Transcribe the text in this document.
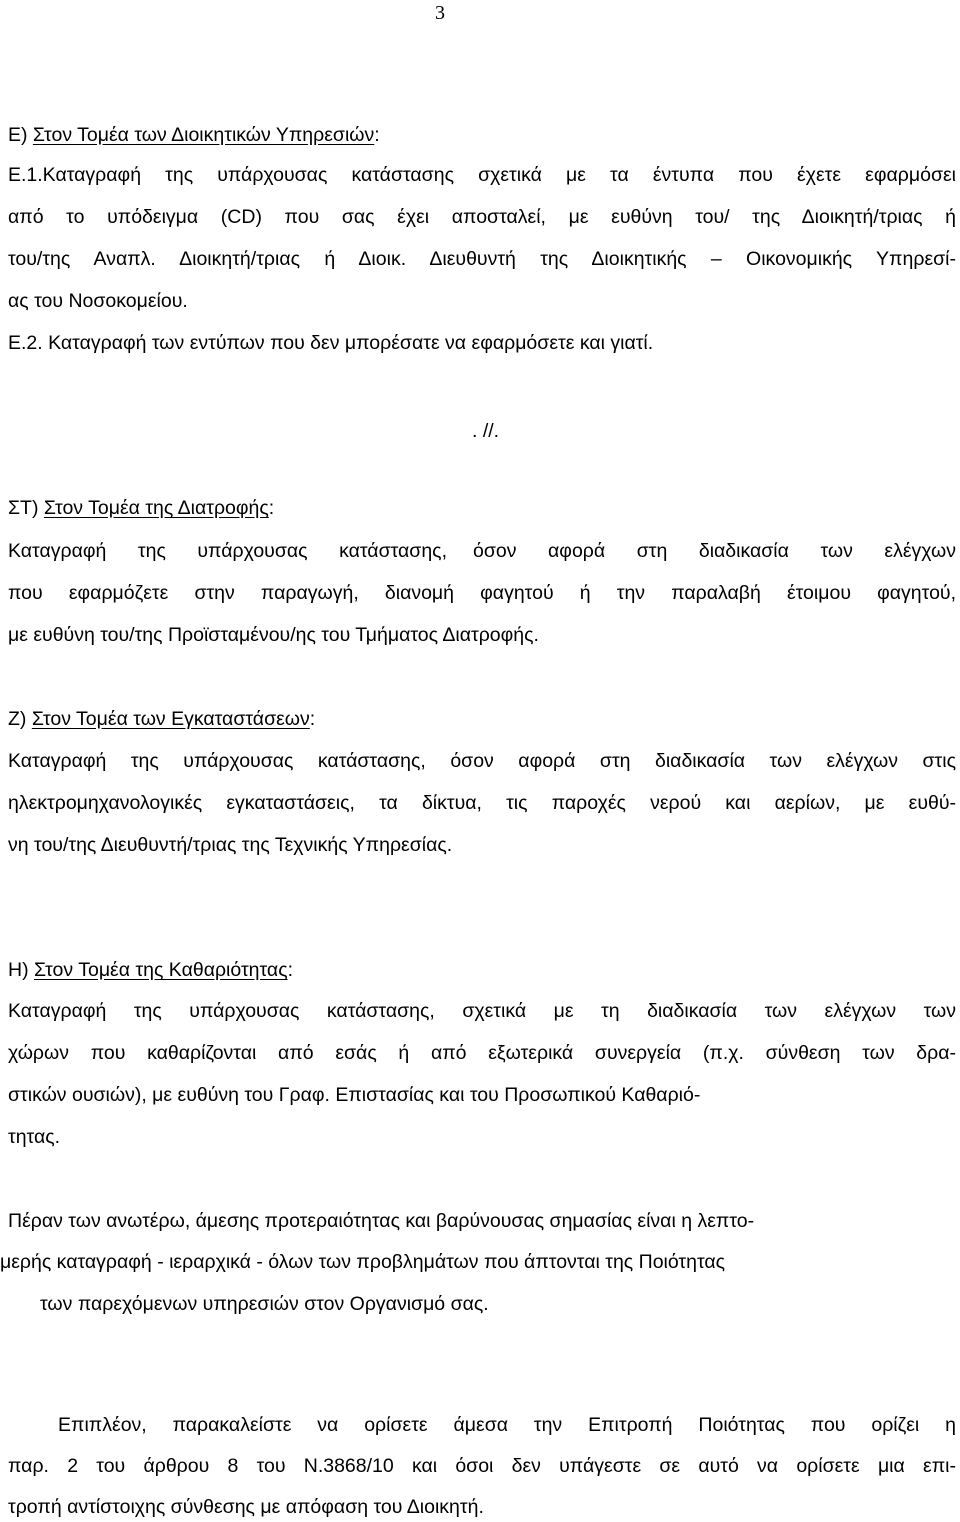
3
Ε) Στον Τομέα των Διοικητικών Υπηρεσιών:
Ε.1.Καταγραφή της υπάρχουσας κατάστασης σχετικά με τα έντυπα που έχετε εφαρμόσει
από το υπόδειγμα (CD) που σας έχει αποσταλεί, με ευθύνη του/ της Διοικητή/τριας ή
του/της Αναπλ. Διοικητή/τριας ή Διοικ. Διευθυντή της Διοικητικής – Οικονομικής Υπηρεσί-
ας του Νοσοκομείου.
Ε.2. Καταγραφή των εντύπων που δεν μπορέσατε να εφαρμόσετε και γιατί.
. //.
ΣΤ) Στον Τομέα της Διατροφής:
Καταγραφή της υπάρχουσας κατάστασης, όσον αφορά στη διαδικασία των ελέγχων
που εφαρμόζετε στην παραγωγή, διανομή φαγητού ή την παραλαβή έτοιμου φαγητού,
με ευθύνη του/της Προϊσταμένου/ης του Τμήματος Διατροφής.
Ζ) Στον Τομέα των Εγκαταστάσεων:
Καταγραφή της υπάρχουσας κατάστασης, όσον αφορά στη διαδικασία των ελέγχων στις
ηλεκτρομηχανολογικές εγκαταστάσεις, τα δίκτυα, τις παροχές νερού και αερίων, με ευθύ-
νη του/της Διευθυντή/τριας της Τεχνικής Υπηρεσίας.
Η) Στον Τομέα της Καθαριότητας:
Καταγραφή της υπάρχουσας κατάστασης, σχετικά με τη διαδικασία των ελέγχων των
χώρων που καθαρίζονται από εσάς ή από εξωτερικά συνεργεία (π.χ. σύνθεση των δρα-
στικών ουσιών), με ευθύνη του Γραφ. Επιστασίας και του Προσωπικού Καθαριό-
τητας.
Πέραν των ανωτέρω, άμεσης προτεραιότητας και βαρύνουσας σημασίας είναι η λεπτο-
μερής καταγραφή - ιεραρχικά - όλων των προβλημάτων που άπτονται της Ποιότητας
των παρεχόμενων υπηρεσιών στον Οργανισμό σας.
Επιπλέον, παρακαλείστε να ορίσετε άμεσα την Επιτροπή Ποιότητας που ορίζει η
παρ. 2 του άρθρου 8 του Ν.3868/10 και όσοι δεν υπάγεστε σε αυτό να ορίσετε μια επι-
τροπή αντίστοιχης σύνθεσης με απόφαση του Διοικητή.
